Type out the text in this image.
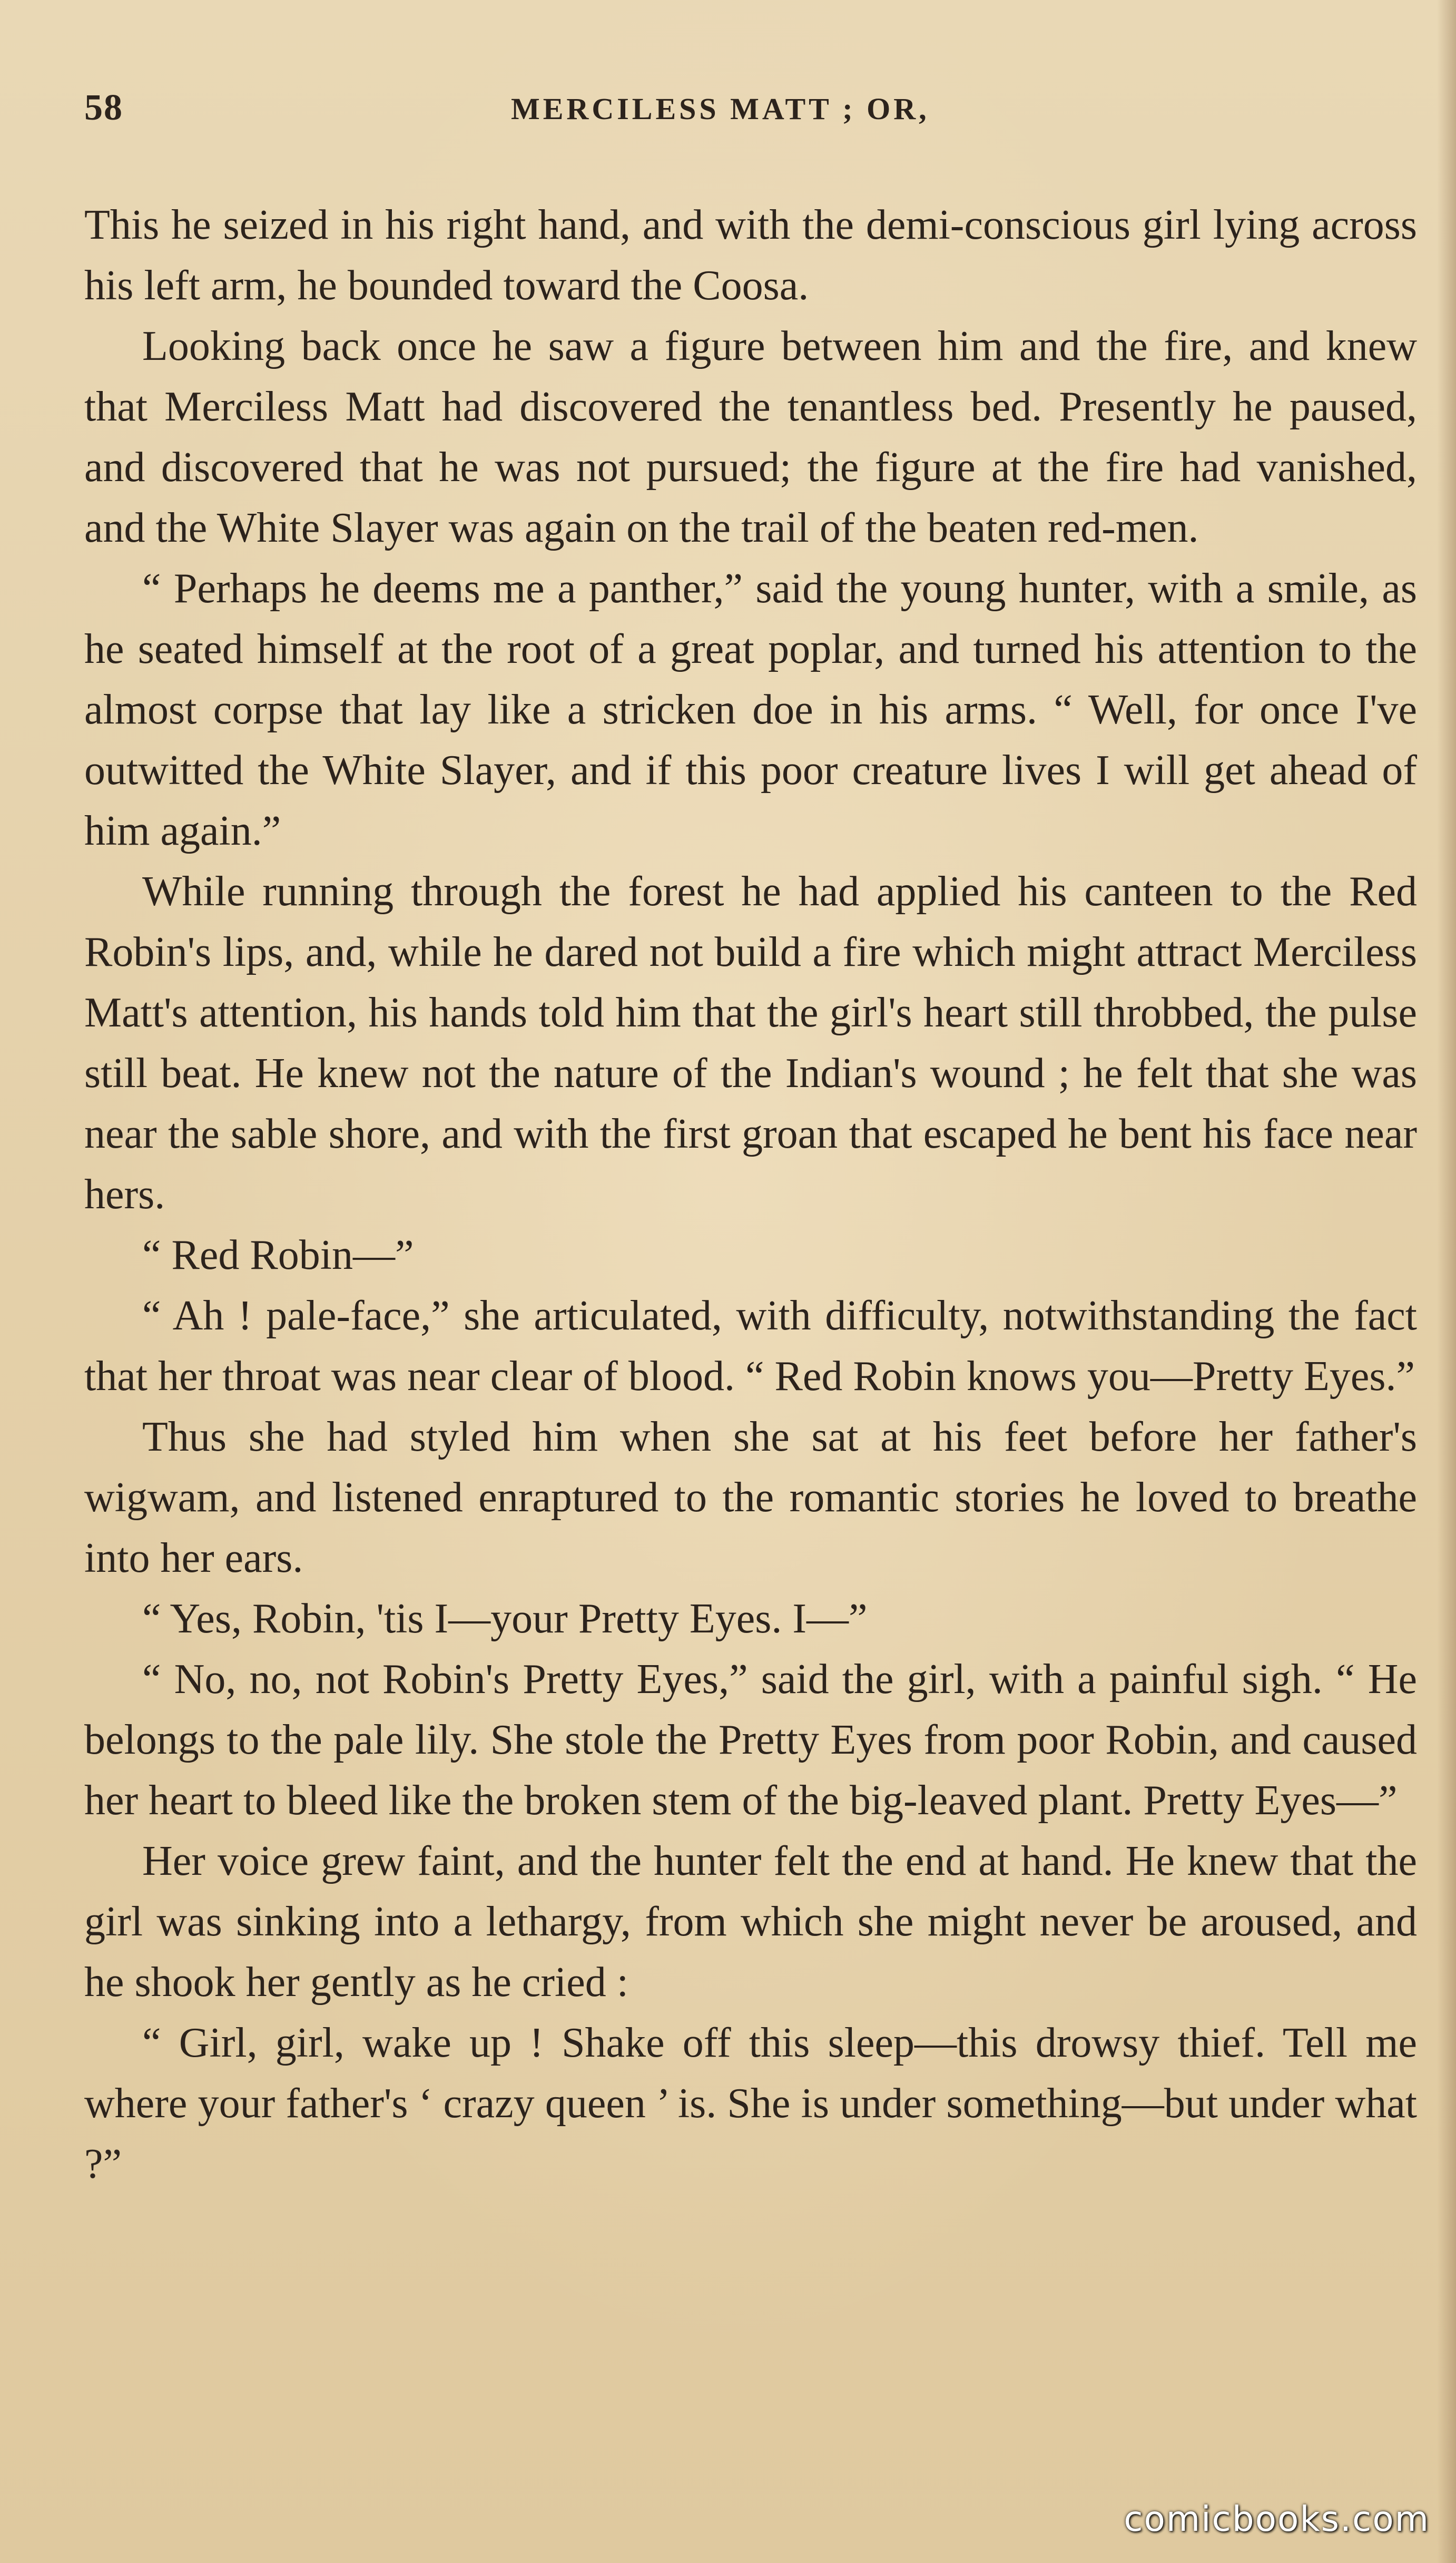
58	MERCILESS MATT ; OR,

This he seized in his right hand, and with the demi-conscious girl lying across his left arm, he bounded toward the Coosa.

Looking back once he saw a figure between him and the fire, and knew that Merciless Matt had discovered the tenantless bed. Presently he paused, and discovered that he was not pursued; the figure at the fire had vanished, and the White Slayer was again on the trail of the beaten red-men.

“ Perhaps he deems me a panther,” said the young hunter, with a smile, as he seated himself at the root of a great poplar, and turned his attention to the almost corpse that lay like a stricken doe in his arms. “ Well, for once I've outwitted the White Slayer, and if this poor creature lives I will get ahead of him again.”

While running through the forest he had applied his canteen to the Red Robin's lips, and, while he dared not build a fire which might attract Merciless Matt's attention, his hands told him that the girl's heart still throbbed, the pulse still beat. He knew not the nature of the Indian's wound ; he felt that she was near the sable shore, and with the first groan that escaped he bent his face near hers.

“ Red Robin—”

“ Ah ! pale-face,” she articulated, with difficulty, notwithstanding the fact that her throat was near clear of blood. “ Red Robin knows you—Pretty Eyes.”

Thus she had styled him when she sat at his feet before her father's wigwam, and listened enraptured to the romantic stories he loved to breathe into her ears.

“ Yes, Robin, 'tis I—your Pretty Eyes. I—”

“ No, no, not Robin's Pretty Eyes,” said the girl, with a painful sigh. “ He belongs to the pale lily. She stole the Pretty Eyes from poor Robin, and caused her heart to bleed like the broken stem of the big-leaved plant. Pretty Eyes—”

Her voice grew faint, and the hunter felt the end at hand. He knew that the girl was sinking into a lethargy, from which she might never be aroused, and he shook her gently as he cried :

“ Girl, girl, wake up ! Shake off this sleep—this drowsy thief. Tell me where your father's ‘ crazy queen ’ is. She is under something—but under what ?”

comicbooks.com
